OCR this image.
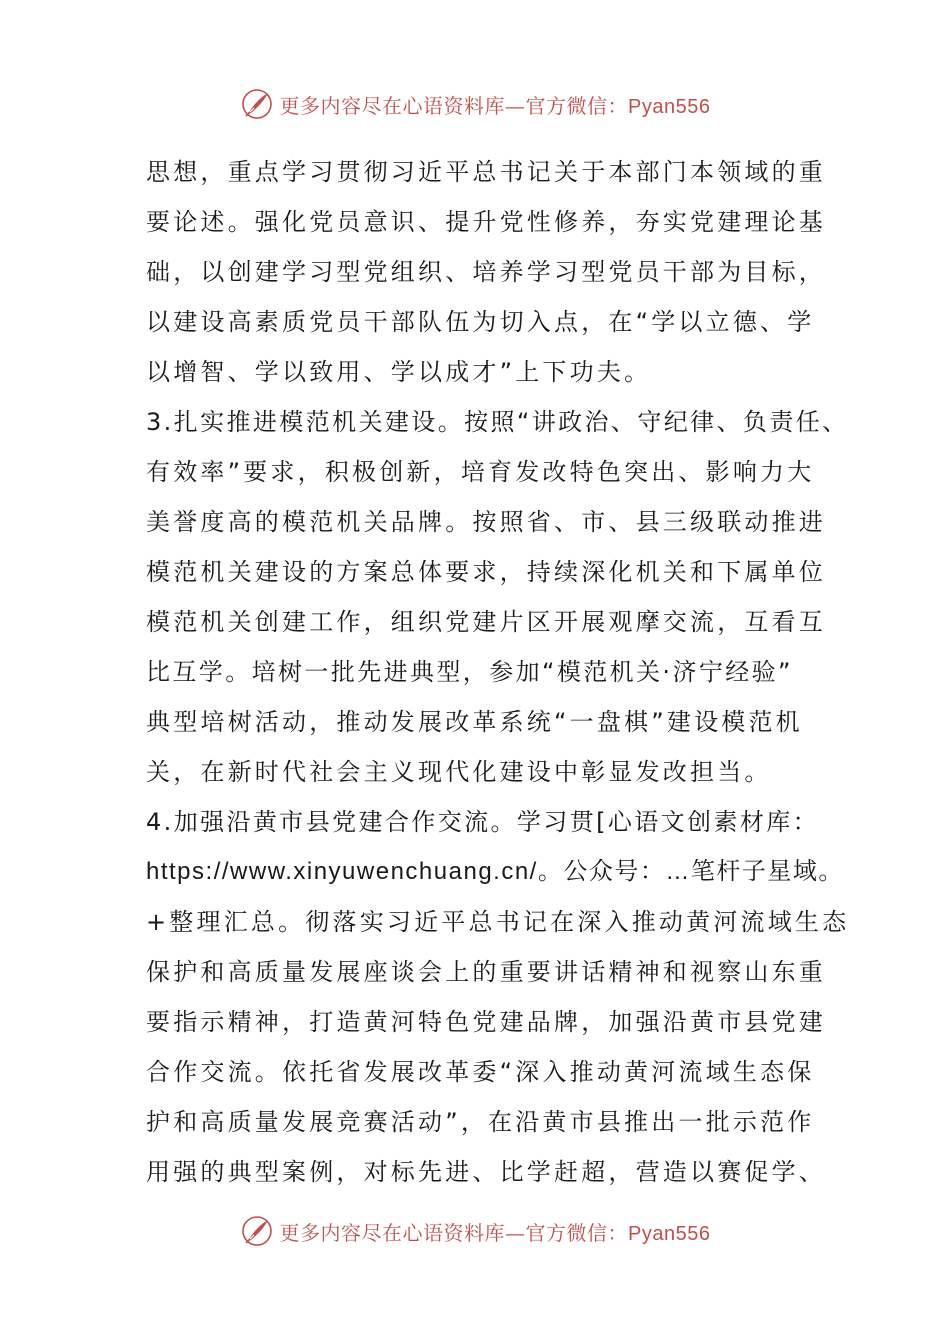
更多内容尽在心语资料库—官方微信：Pyan556
思想，重点学习贯彻习近平总书记关于本部门本领域的重
要论述。强化党员意识、提升党性修养，夯实党建理论基
础，以创建学习型党组织、培养学习型党员干部为目标，
以建设高素质党员干部队伍为切入点，在“学以立德、学
以增智、学以致用、学以成才”上下功夫。
3.扎实推进模范机关建设。按照“讲政治、守纪律、负责任、
有效率”要求，积极创新，培育发改特色突出、影响力大
美誉度高的模范机关品牌。按照省、市、县三级联动推进
模范机关建设的方案总体要求，持续深化机关和下属单位
模范机关创建工作，组织党建片区开展观摩交流，互看互
比互学。培树一批先进典型，参加“模范机关·济宁经验”
典型培树活动，推动发展改革系统“一盘棋”建设模范机
关，在新时代社会主义现代化建设中彰显发改担当。
4.加强沿黄市县党建合作交流。学习贯[心语文创素材库：
https://www.xinyuwenchuang.cn/。公众号：…笔杆子星域。
+整理汇总。彻落实习近平总书记在深入推动黄河流域生态
保护和高质量发展座谈会上的重要讲话精神和视察山东重
要指示精神，打造黄河特色党建品牌，加强沿黄市县党建
合作交流。依托省发展改革委“深入推动黄河流域生态保
护和高质量发展竞赛活动”，在沿黄市县推出一批示范作
用强的典型案例，对标先进、比学赶超，营造以赛促学、
更多内容尽在心语资料库—官方微信：Pyan556
